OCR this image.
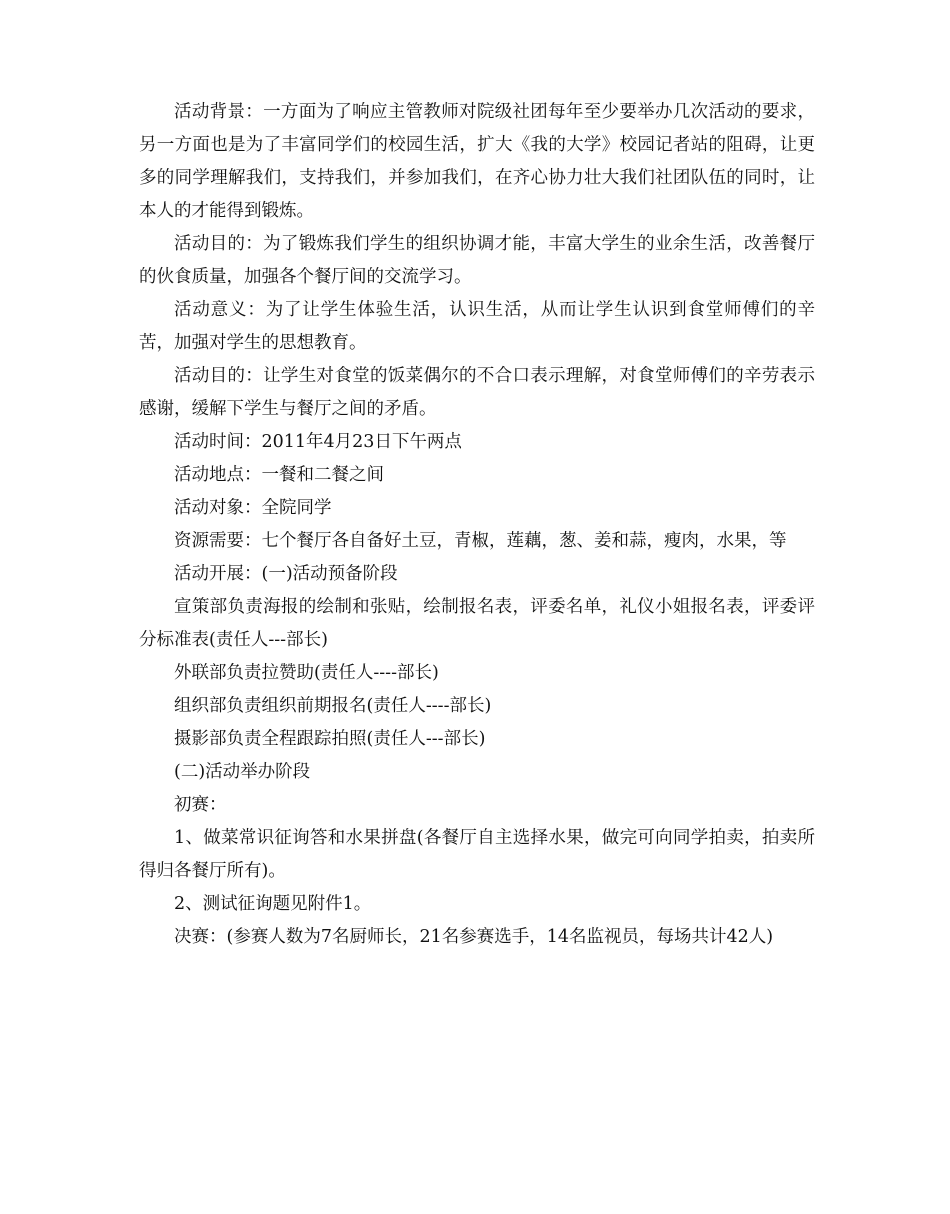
活动背景：一方面为了响应主管教师对院级社团每年至少要举办几次活动的要求，另一方面也是为了丰富同学们的校园生活，扩大《我的大学》校园记者站的阻碍，让更多的同学理解我们，支持我们，并参加我们，在齐心协力壮大我们社团队伍的同时，让本人的才能得到锻炼。

活动目的：为了锻炼我们学生的组织协调才能，丰富大学生的业余生活，改善餐厅的伙食质量，加强各个餐厅间的交流学习。

活动意义：为了让学生体验生活，认识生活，从而让学生认识到食堂师傅们的辛苦，加强对学生的思想教育。

活动目的：让学生对食堂的饭菜偶尔的不合口表示理解，对食堂师傅们的辛劳表示感谢，缓解下学生与餐厅之间的矛盾。

活动时间：2011年4月23日下午两点

活动地点：一餐和二餐之间

活动对象：全院同学

资源需要：七个餐厅各自备好土豆，青椒，莲藕，葱、姜和蒜，瘦肉，水果，等

活动开展：(一)活动预备阶段

宣策部负责海报的绘制和张贴，绘制报名表，评委名单，礼仪小姐报名表，评委评分标准表(责任人---部长)

外联部负责拉赞助(责任人----部长)

组织部负责组织前期报名(责任人----部长)

摄影部负责全程跟踪拍照(责任人---部长)

(二)活动举办阶段

初赛：

1、做菜常识征询答和水果拼盘(各餐厅自主选择水果，做完可向同学拍卖，拍卖所得归各餐厅所有)。

2、测试征询题见附件1。

决赛：(参赛人数为7名厨师长，21名参赛选手，14名监视员，每场共计42人)
